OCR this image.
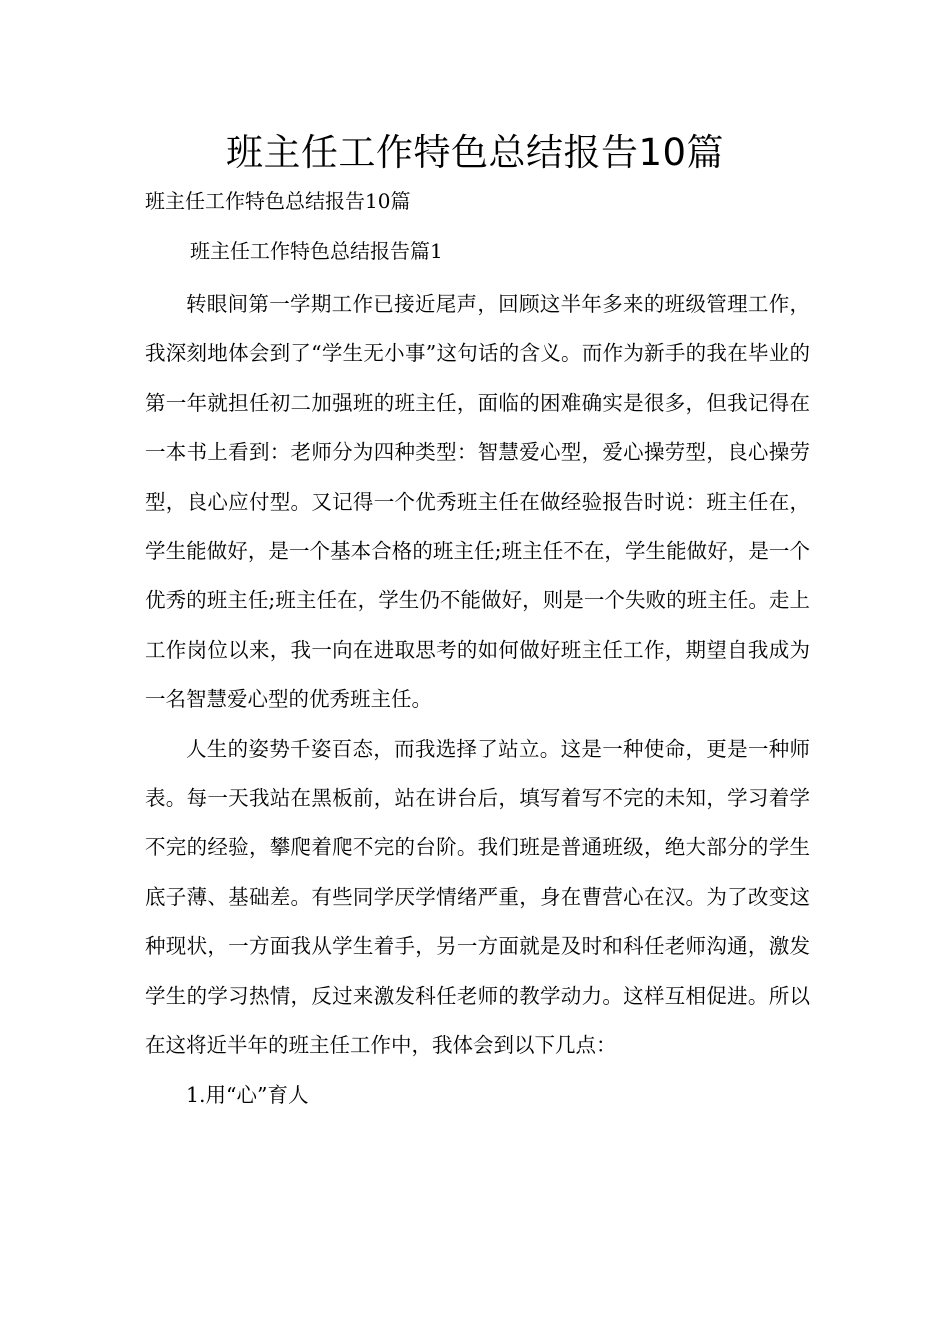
班主任工作特色总结报告10篇

班主任工作特色总结报告10篇

班主任工作特色总结报告篇1

转眼间第一学期工作已接近尾声，回顾这半年多来的班级管理工作，我深刻地体会到了“学生无小事”这句话的含义。而作为新手的我在毕业的第一年就担任初二加强班的班主任，面临的困难确实是很多，但我记得在一本书上看到：老师分为四种类型：智慧爱心型，爱心操劳型，良心操劳型，良心应付型。又记得一个优秀班主任在做经验报告时说：班主任在，学生能做好，是一个基本合格的班主任;班主任不在，学生能做好，是一个优秀的班主任;班主任在，学生仍不能做好，则是一个失败的班主任。走上工作岗位以来，我一向在进取思考的如何做好班主任工作，期望自我成为一名智慧爱心型的优秀班主任。

人生的姿势千姿百态，而我选择了站立。这是一种使命，更是一种师表。每一天我站在黑板前，站在讲台后，填写着写不完的未知，学习着学不完的经验，攀爬着爬不完的台阶。我们班是普通班级，绝大部分的学生底子薄、基础差。有些同学厌学情绪严重，身在曹营心在汉。为了改变这种现状，一方面我从学生着手，另一方面就是及时和科任老师沟通，激发学生的学习热情，反过来激发科任老师的教学动力。这样互相促进。所以在这将近半年的班主任工作中，我体会到以下几点：

1.用“心”育人
